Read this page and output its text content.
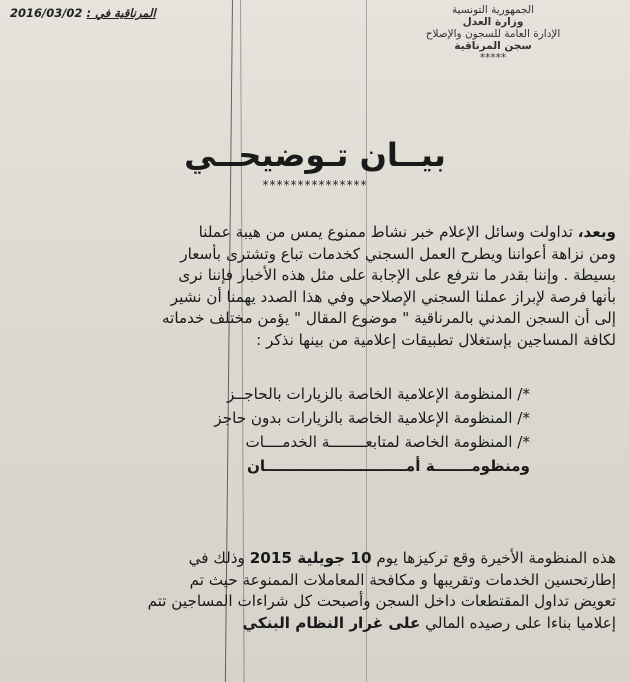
الجمهورية التونسية
وزارة العدل
الإدارة العامة للسجون والإصلاح
سجن المرناقية
*****
المرناقية في : 2016/03/02
بيــان تـوضيحــي
***************
وبعد، تداولت وسائل الإعلام خبر نشاط ممنوع يمس من هيبة عملنا
ومن نزاهة أعواننا ويطرح العمل السجني كخدمات تباع وتشترى بأسعار
بسيطة . وإننا بقدر ما نترفع على الإجابة على مثل هذه الأخبار فإننا نرى
بأنها فرصة لإبراز عملنا السجني الإصلاحي وفي هذا الصدد يهمنا أن نشير
إلى أن السجن المدني بالمرناقية " موضوع المقال " يؤمن مختلف خدماته
لكافة المساجين بإستغلال تطبيقات إعلامية من بينها نذكر :
*/ المنظومة الإعلامية الخاصة بالزيارات بالحاجــز
*/ المنظومة الإعلامية الخاصة بالزيارات بدون حاجز
*/ المنظومة الخاصة لمتابعــــــــة الخدمــــات
ومنظومـــــــة أمـــــــــــــــــــــــــــان
هذه المنظومة الأخيرة وقع تركيزها يوم 10 جويلية 2015 وذلك في
إطارتحسين الخدمات وتقريبها و مكافحة المعاملات الممنوعة حيث تم
تعويض تداول المقتطعات داخل السجن وأصبحت كل شراءات المساجين تتم
إعلاميا بناءا على رصيده المالي على غرار النظام البنكي
